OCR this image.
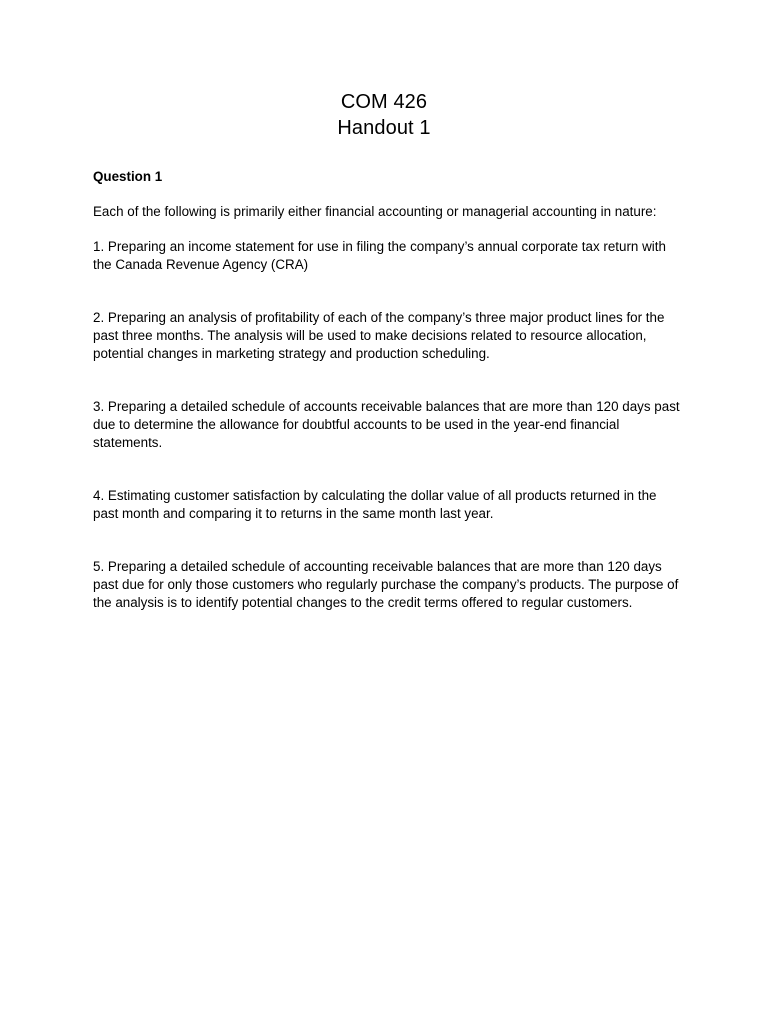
COM 426
Handout 1

Question 1

Each of the following is primarily either financial accounting or managerial accounting in nature:

1. Preparing an income statement for use in filing the company’s annual corporate tax return with the Canada Revenue Agency (CRA)

2. Preparing an analysis of profitability of each of the company’s three major product lines for the past three months. The analysis will be used to make decisions related to resource allocation, potential changes in marketing strategy and production scheduling.

3. Preparing a detailed schedule of accounts receivable balances that are more than 120 days past due to determine the allowance for doubtful accounts to be used in the year-end financial statements.

4. Estimating customer satisfaction by calculating the dollar value of all products returned in the past month and comparing it to returns in the same month last year.

5. Preparing a detailed schedule of accounting receivable balances that are more than 120 days past due for only those customers who regularly purchase the company’s products. The purpose of the analysis is to identify potential changes to the credit terms offered to regular customers.
